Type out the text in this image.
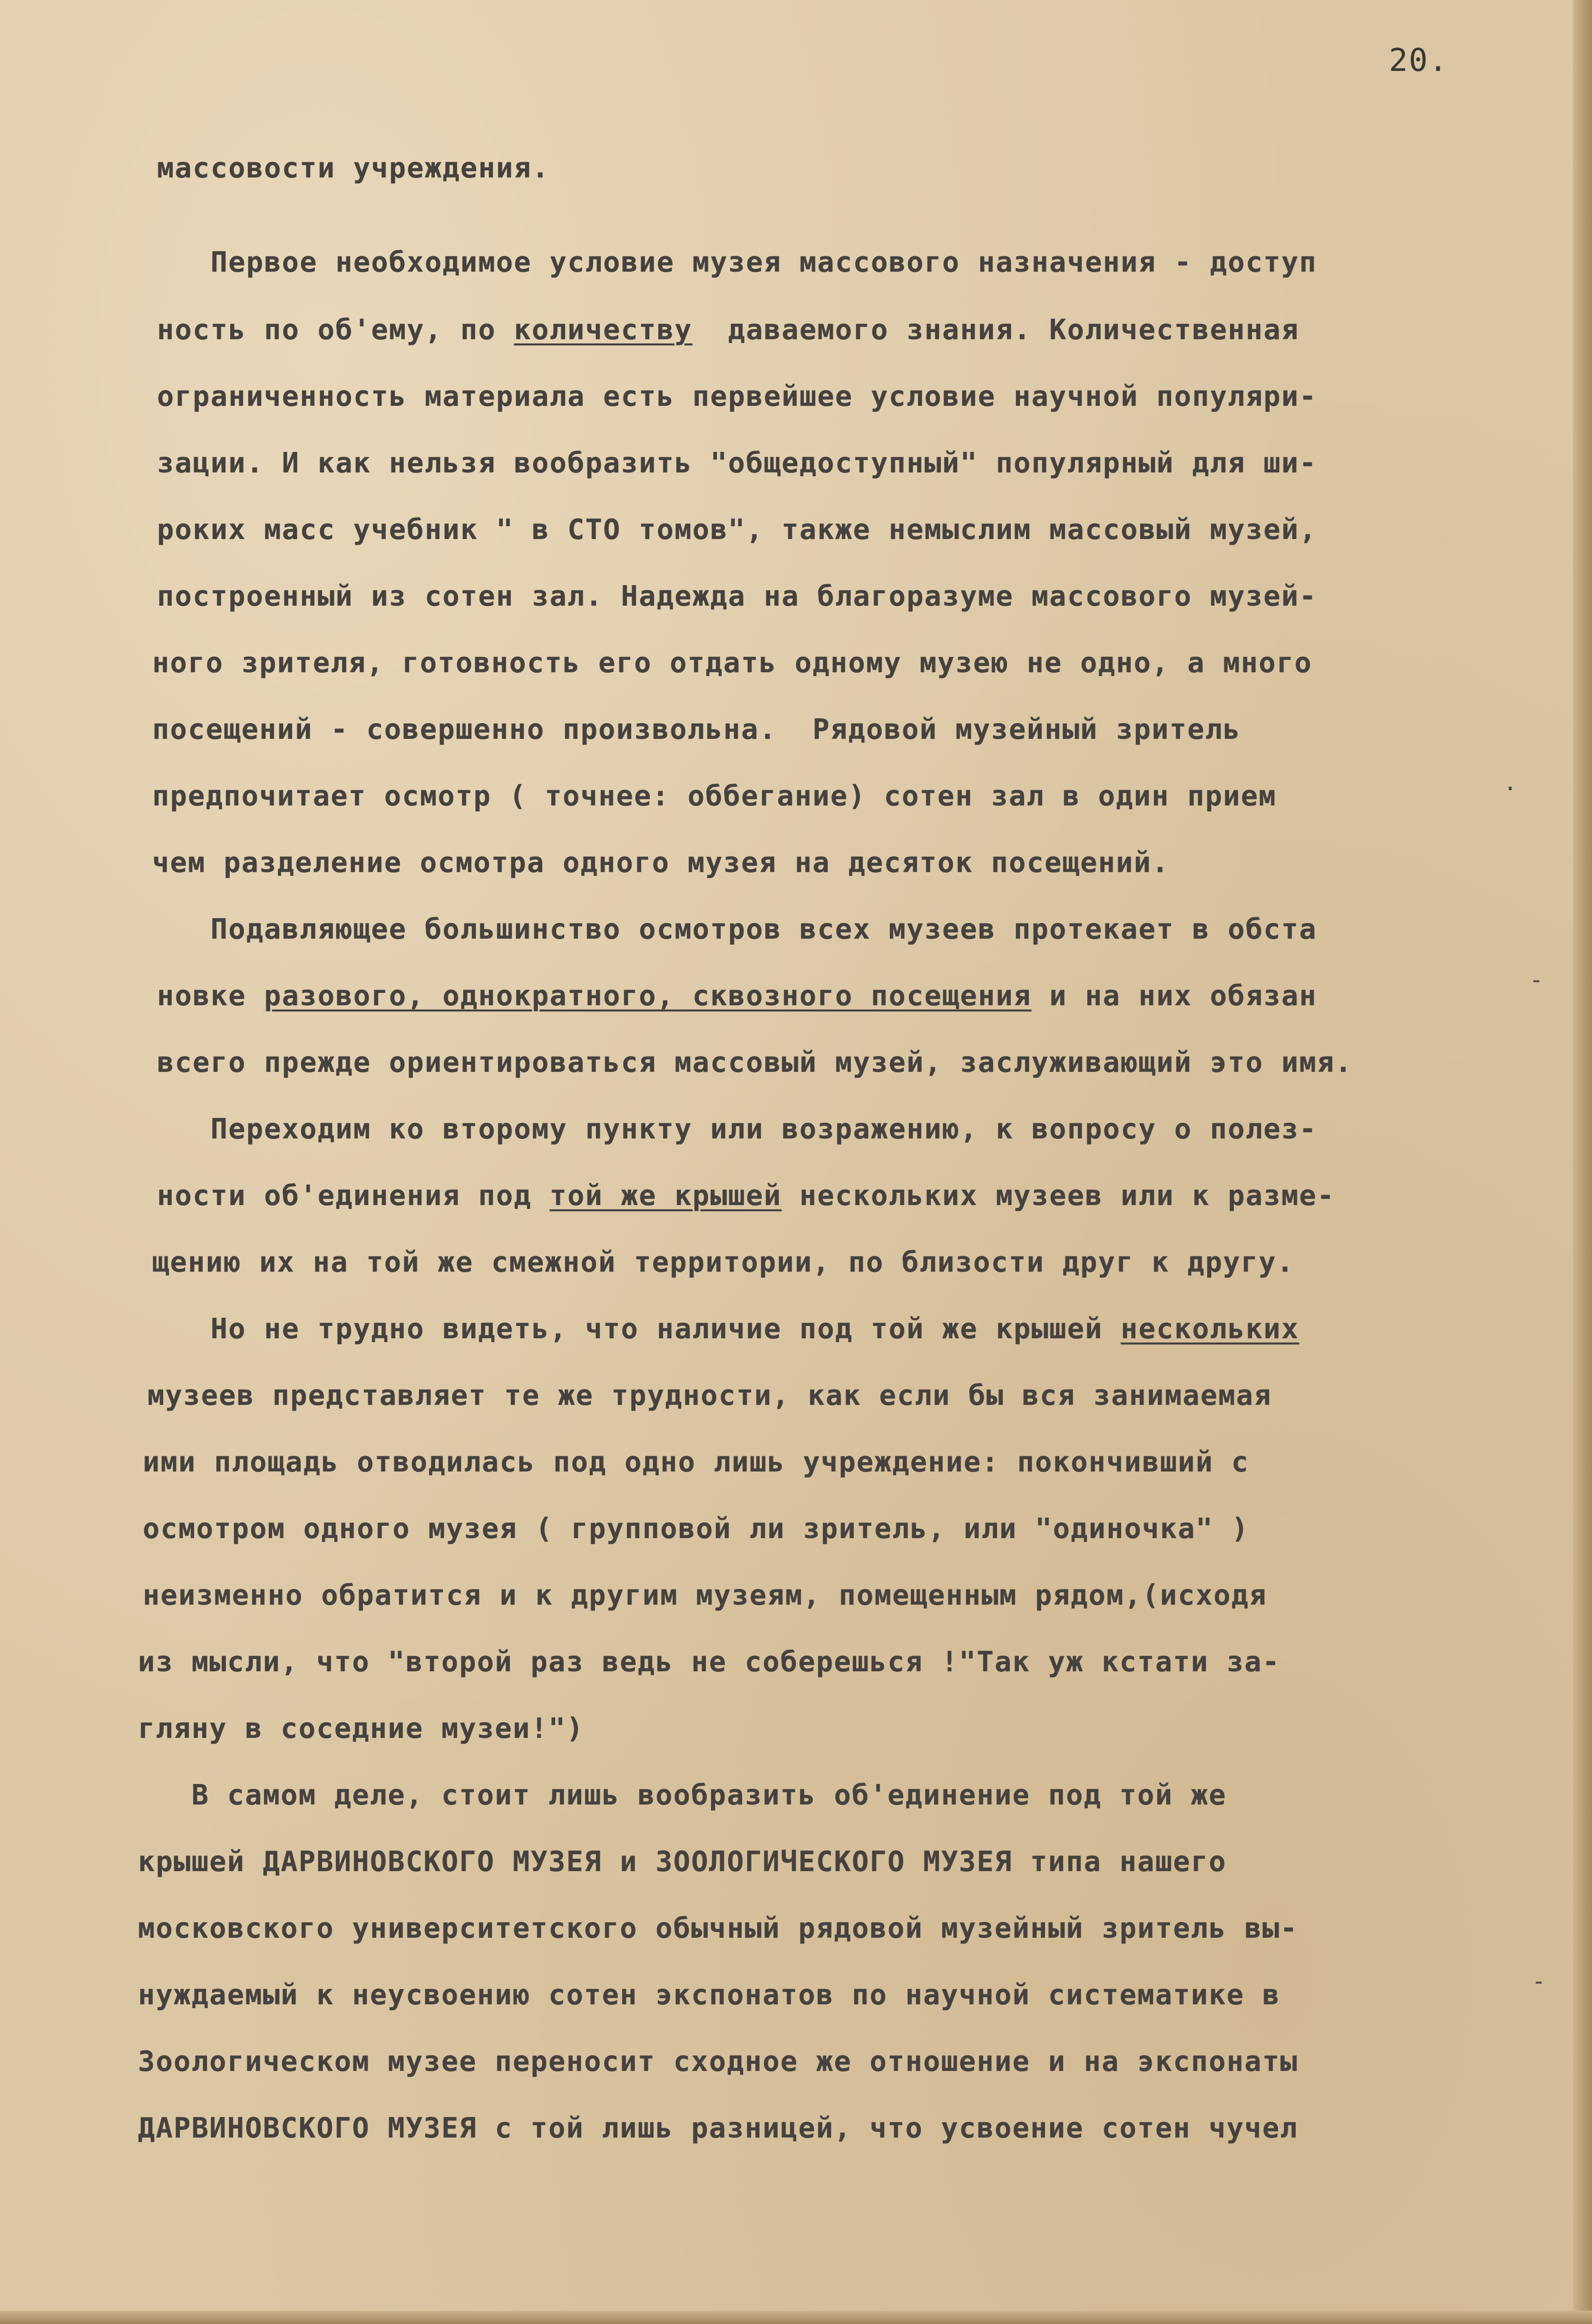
20.
массовости учреждения.
Первое необходимое условие музея массового назначения - доступ
ность по об'ему, по количеству  даваемого знания. Количественная
ограниченность материала есть первейшее условие научной популяри-
зации. И как нельзя вообразить "общедоступный" популярный для ши-
роких масс учебник " в СТО томов", также немыслим массовый музей,
построенный из сотен зал. Надежда на благоразуме массового музей-
ного зрителя, готовность его отдать одному музею не одно, а много
посещений - совершенно произвольна.  Рядовой музейный зритель
предпочитает осмотр ( точнее: оббегание) сотен зал в один прием
чем разделение осмотра одного музея на десяток посещений.
Подавляющее большинство осмотров всех музеев протекает в обста
новке разового, однократного, сквозного посещения и на них обязан
всего прежде ориентироваться массовый музей, заслуживающий это имя.
Переходим ко второму пункту или возражению, к вопросу о полез-
ности об'единения под той же крышей нескольких музеев или к разме-
щению их на той же смежной территории, по близости друг к другу.
Но не трудно видеть, что наличие под той же крышей нескольких
музеев представляет те же трудности, как если бы вся занимаемая
ими площадь отводилась под одно лишь учреждение: покончивший с
осмотром одного музея ( групповой ли зритель, или "одиночка" )
неизменно обратится и к другим музеям, помещенным рядом,(исходя
из мысли, что "второй раз ведь не соберешься !"Так уж кстати за-
гляну в соседние музеи!")
В самом деле, стоит лишь вообразить об'единение под той же
крышей ДАРВИНОВСКОГО МУЗЕЯ и ЗООЛОГИЧЕСКОГО МУЗЕЯ типа нашего
московского университетского обычный рядовой музейный зритель вы-
нуждаемый к неусвоению сотен экспонатов по научной систематике в
Зоологическом музее переносит сходное же отношение и на экспонаты
ДАРВИНОВСКОГО МУЗЕЯ с той лишь разницей, что усвоение сотен чучел
.
-
-
